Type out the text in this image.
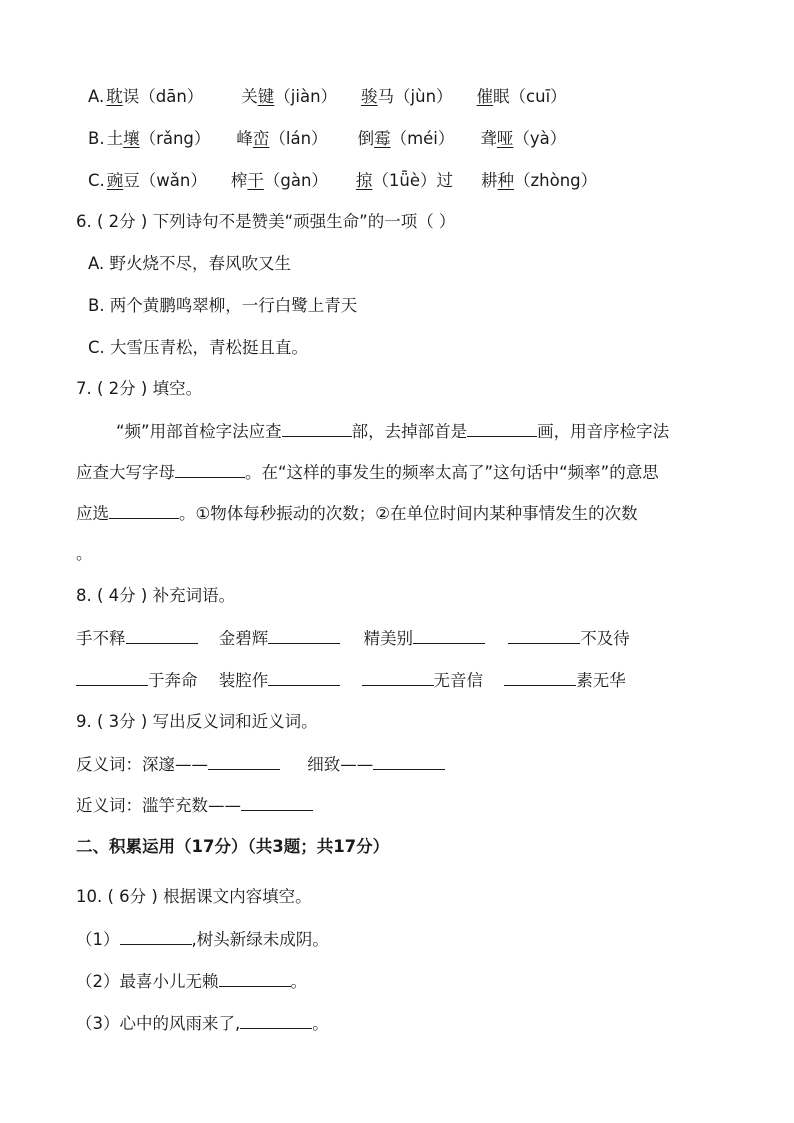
A. 耽误（dān） 关键（jiàn） 骏马（jùn） 催眠（cuī）
B. 土壤（rǎng） 峰峦（lán） 倒霉（méi） 聋哑（yà）
C. 豌豆（wǎn） 榨干（gàn） 掠（1ǖè）过 耕种（zhòng）
6. ( 2分 ) 下列诗句不是赞美“顽强生命”的一项（ ）
A. 野火烧不尽，春风吹又生
B. 两个黄鹏鸣翠柳，一行白鹭上青天
C. 大雪压青松，青松挺且直。
7. ( 2分 ) 填空。
“频”用部首检字法应查	部，去掉部首是	画，用音序检字法
应查大写字母	。在“这样的事发生的频率太高了”这句话中“频率”的意思
应选	。①物体每秒振动的次数；②在单位时间内某种事情发生的次数
。
8. ( 4分 ) 补充词语。
手不释	金碧辉	精美别	不及待
于奔命 装腔作	无音信	素无华
9. ( 3分 ) 写出反义词和近义词。
反义词：深邃——	细致——
近义词：滥竽充数——
二、积累运用（17分）（共3题；共17分）
10. ( 6分 ) 根据课文内容填空。
（1）	,树头新绿未成阴。
（2）最喜小儿无赖	。
（3）心中的风雨来了,	。
